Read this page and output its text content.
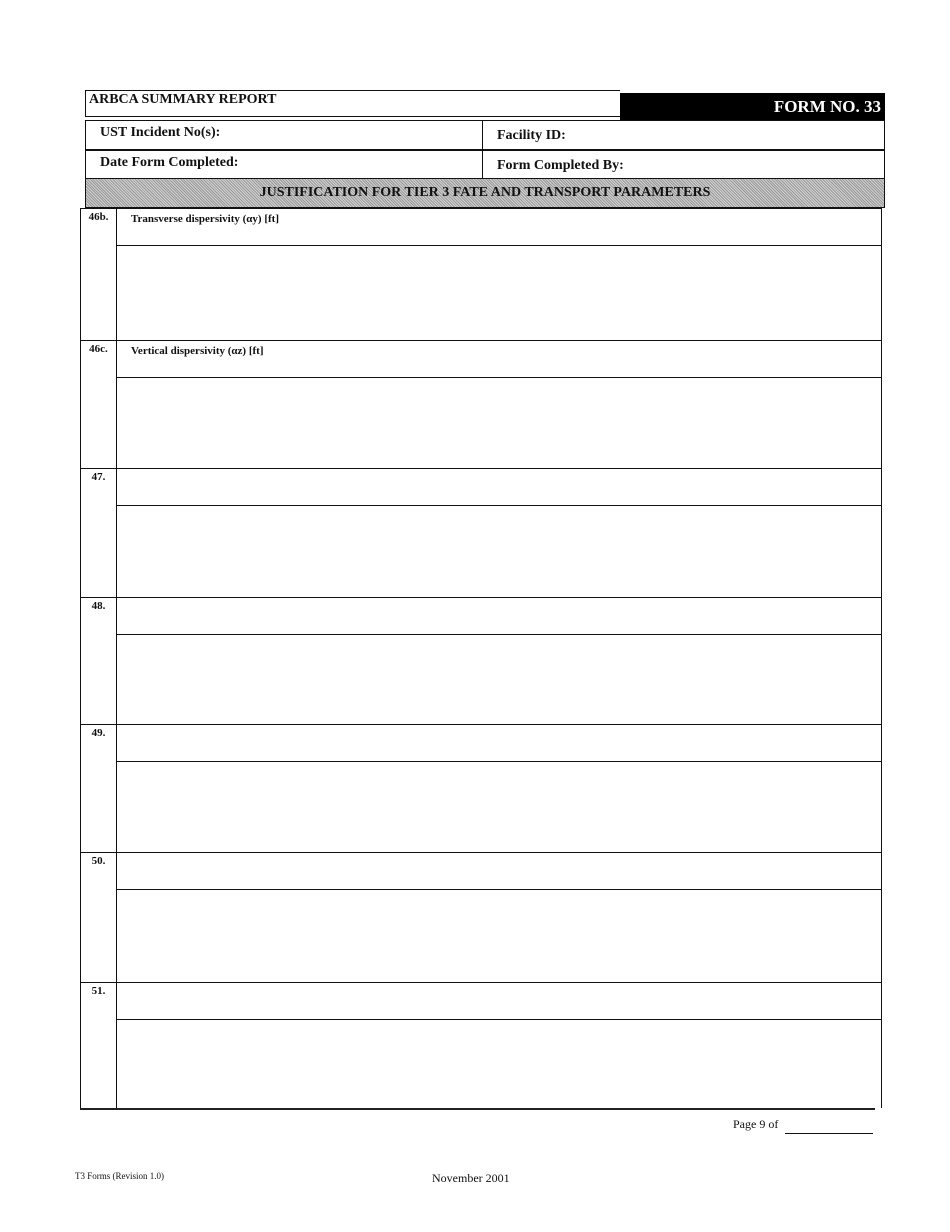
ARBCA SUMMARY REPORT	FORM NO. 33
UST Incident No(s):	Facility ID:
Date Form Completed:	Form Completed By:
JUSTIFICATION FOR TIER 3 FATE AND TRANSPORT PARAMETERS
46b.	Transverse dispersivity (αy) [ft]
46c.	Vertical dispersivity (αz) [ft]
47.
48.
49.
50.
51.
Page 9 of
T3 Forms (Revision 1.0)	November 2001
